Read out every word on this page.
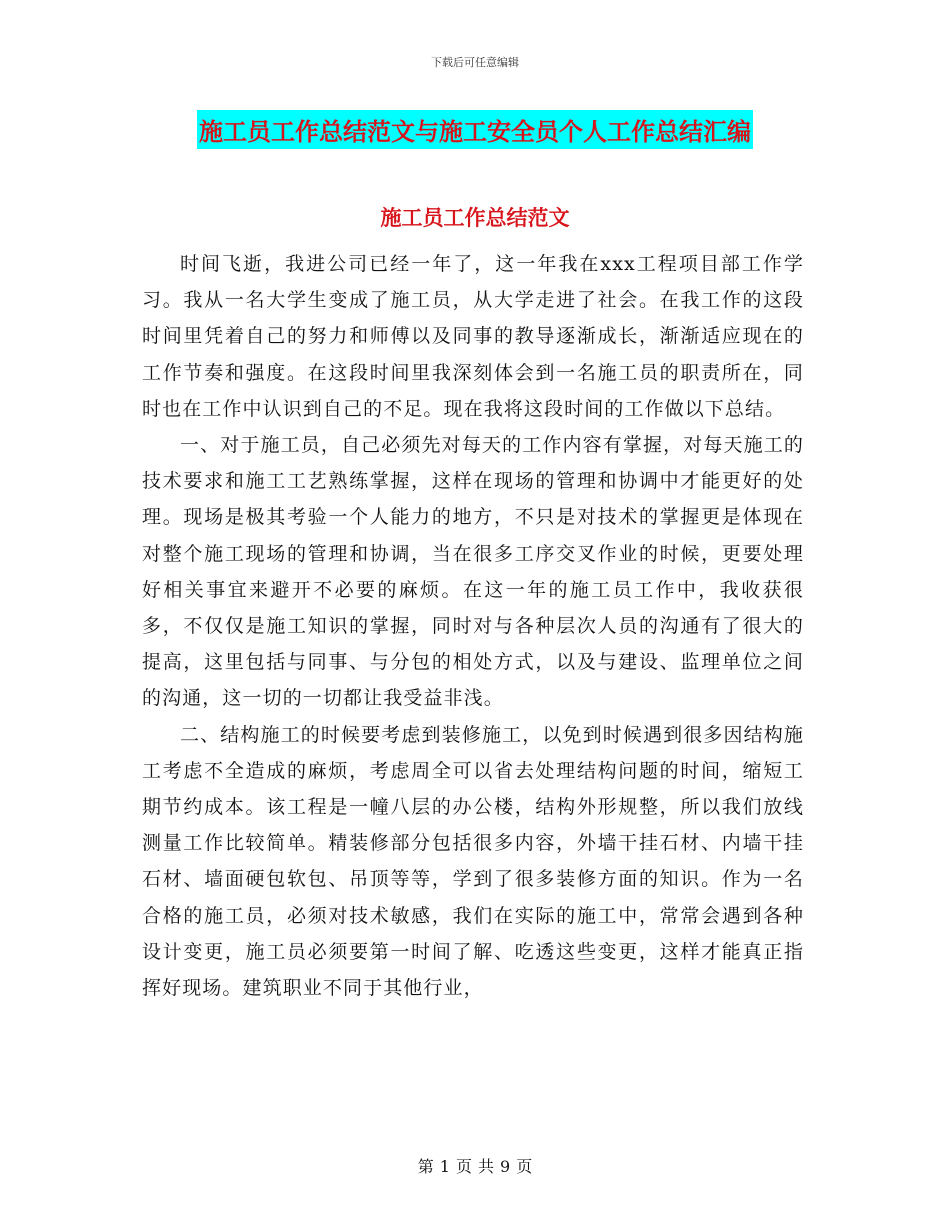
下载后可任意编辑
施工员工作总结范文与施工安全员个人工作总结汇编
施工员工作总结范文

时间飞逝，我进公司已经一年了，这一年我在xxx工程项目部工作学习。我从一名大学生变成了施工员，从大学走进了社会。在我工作的这段时间里凭着自己的努力和师傅以及同事的教导逐渐成长，渐渐适应现在的工作节奏和强度。在这段时间里我深刻体会到一名施工员的职责所在，同时也在工作中认识到自己的不足。现在我将这段时间的工作做以下总结。

一、对于施工员，自己必须先对每天的工作内容有掌握，对每天施工的技术要求和施工工艺熟练掌握，这样在现场的管理和协调中才能更好的处理。现场是极其考验一个人能力的地方，不只是对技术的掌握更是体现在对整个施工现场的管理和协调，当在很多工序交叉作业的时候，更要处理好相关事宜来避开不必要的麻烦。在这一年的施工员工作中，我收获很多，不仅仅是施工知识的掌握，同时对与各种层次人员的沟通有了很大的提高，这里包括与同事、与分包的相处方式，以及与建设、监理单位之间的沟通，这一切的一切都让我受益非浅。

二、结构施工的时候要考虑到装修施工，以免到时候遇到很多因结构施工考虑不全造成的麻烦，考虑周全可以省去处理结构问题的时间，缩短工期节约成本。该工程是一幢八层的办公楼，结构外形规整，所以我们放线测量工作比较简单。精装修部分包括很多内容，外墙干挂石材、内墙干挂石材、墙面硬包软包、吊顶等等，学到了很多装修方面的知识。作为一名合格的施工员，必须对技术敏感，我们在实际的施工中，常常会遇到各种设计变更，施工员必须要第一时间了解、吃透这些变更，这样才能真正指挥好现场。建筑职业不同于其他行业，

第 1 页 共 9 页
